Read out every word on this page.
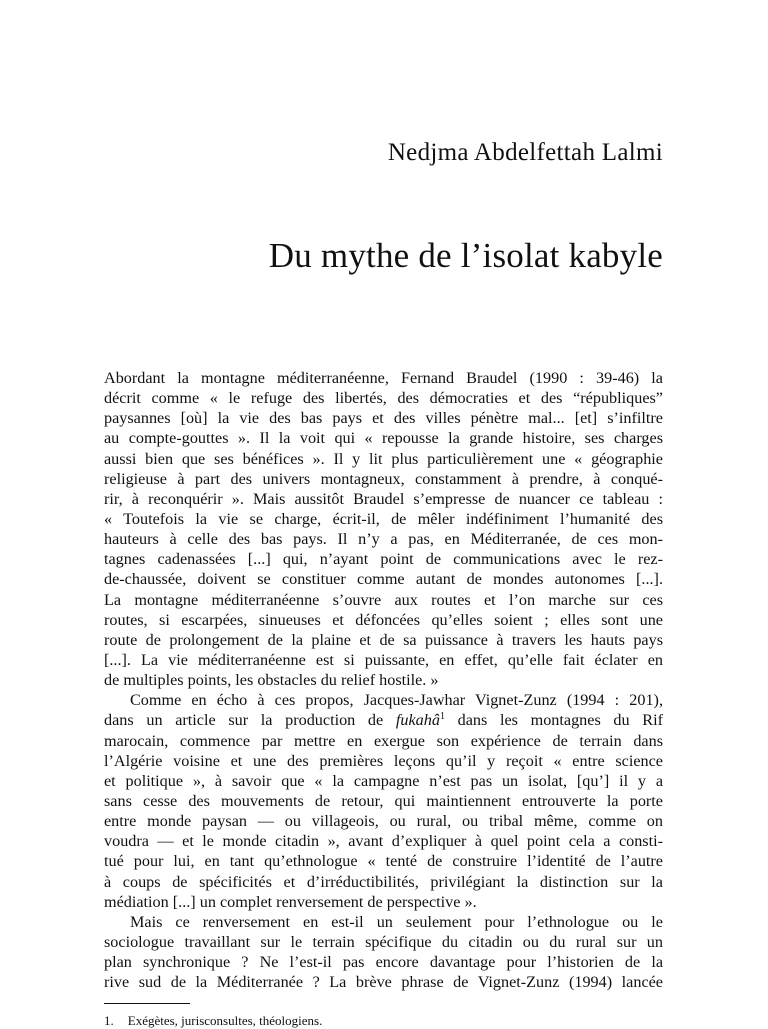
Nedjma Abdelfettah Lalmi
Du mythe de l’isolat kabyle
Abordant la montagne méditerranéenne, Fernand Braudel (1990 : 39-46) la
décrit comme « le refuge des libertés, des démocraties et des “républiques”
paysannes [où] la vie des bas pays et des villes pénètre mal... [et] s’infiltre
au compte-gouttes ». Il la voit qui « repousse la grande histoire, ses charges
aussi bien que ses bénéfices ». Il y lit plus particulièrement une « géographie
religieuse à part des univers montagneux, constamment à prendre, à conqué-
rir, à reconquérir ». Mais aussitôt Braudel s’empresse de nuancer ce tableau :
« Toutefois la vie se charge, écrit-il, de mêler indéfiniment l’humanité des
hauteurs à celle des bas pays. Il n’y a pas, en Méditerranée, de ces mon-
tagnes cadenassées [...] qui, n’ayant point de communications avec le rez-
de-chaussée, doivent se constituer comme autant de mondes autonomes [...].
La montagne méditerranéenne s’ouvre aux routes et l’on marche sur ces
routes, si escarpées, sinueuses et défoncées qu’elles soient ; elles sont une
route de prolongement de la plaine et de sa puissance à travers les hauts pays
[...]. La vie méditerranéenne est si puissante, en effet, qu’elle fait éclater en
de multiples points, les obstacles du relief hostile. »
Comme en écho à ces propos, Jacques-Jawhar Vignet-Zunz (1994 : 201),
dans un article sur la production de fukahâ$^1$ dans les montagnes du Rif
marocain, commence par mettre en exergue son expérience de terrain dans
l’Algérie voisine et une des premières leçons qu’il y reçoit « entre science
et politique », à savoir que « la campagne n’est pas un isolat, [qu’] il y a
sans cesse des mouvements de retour, qui maintiennent entrouverte la porte
entre monde paysan — ou villageois, ou rural, ou tribal même, comme on
voudra — et le monde citadin », avant d’expliquer à quel point cela a consti-
tué pour lui, en tant qu’ethnologue « tenté de construire l’identité de l’autre
à coups de spécificités et d’irréductibilités, privilégiant la distinction sur la
médiation [...] un complet renversement de perspective ».
Mais ce renversement en est-il un seulement pour l’ethnologue ou le
sociologue travaillant sur le terrain spécifique du citadin ou du rural sur un
plan synchronique ? Ne l’est-il pas encore davantage pour l’historien de la
rive sud de la Méditerranée ? La brève phrase de Vignet-Zunz (1994) lancée
1. Exégètes, jurisconsultes, théologiens.
